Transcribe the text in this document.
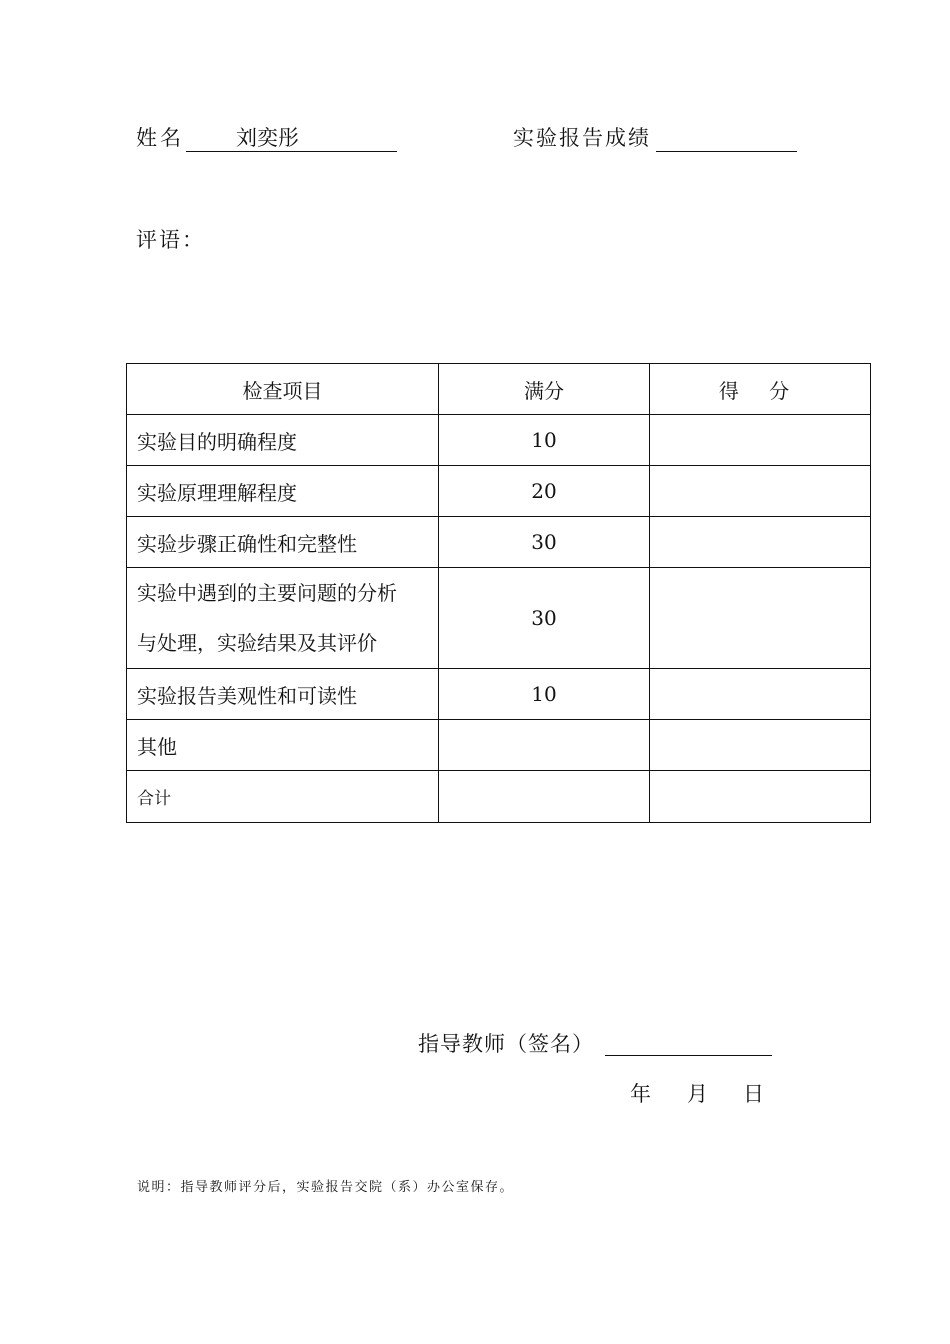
姓名 刘奕彤	实验报告成绩
评语：
检查项目	满分	得 分
实验目的明确程度	10	
实验原理理解程度	20	
实验步骤正确性和完整性	30	

实验中遇到的主要问题的分析
与处理，实验结果及其评价	30	
实验报告美观性和可读性	10	
其他		
合计		
指导教师（签名）
年 月 日
说明：指导教师评分后，实验报告交院（系）办公室保存。
